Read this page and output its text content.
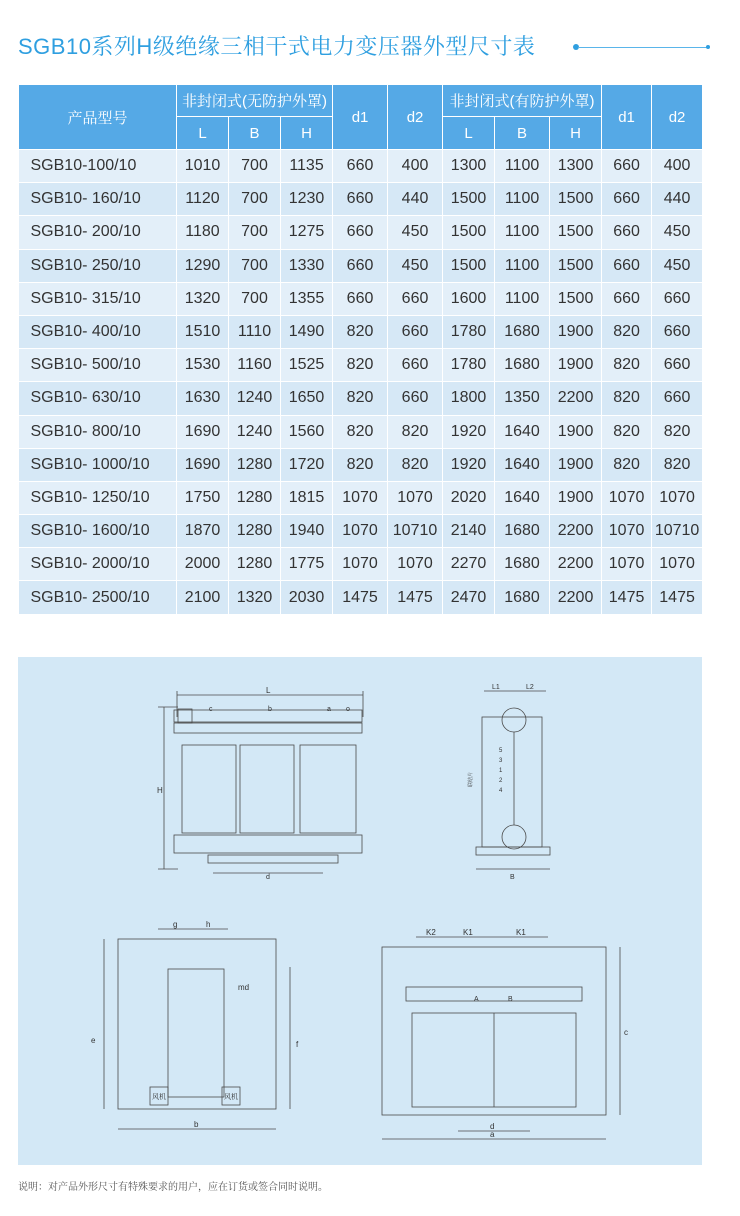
SGB10系列H级绝缘三相干式电力变压器外型尺寸表
产品型号	非封闭式(无防护外罩)			d1	d2	非封闭式(有防护外罩)			d1	d2
	L	B	H			L	B	H		
SGB10-100/10	1010	700	1135	660	400	1300	1100	1300	660	400
SGB10- 160/10	1120	700	1230	660	440	1500	1100	1500	660	440
SGB10- 200/10	1180	700	1275	660	450	1500	1100	1500	660	450
SGB10- 250/10	1290	700	1330	660	450	1500	1100	1500	660	450
SGB10- 315/10	1320	700	1355	660	660	1600	1100	1500	660	660
SGB10- 400/10	1510	1110	1490	820	660	1780	1680	1900	820	660
SGB10- 500/10	1530	1160	1525	820	660	1780	1680	1900	820	660
SGB10- 630/10	1630	1240	1650	820	660	1800	1350	2200	820	660
SGB10- 800/10	1690	1240	1560	820	820	1920	1640	1900	820	820
SGB10- 1000/10	1690	1280	1720	820	820	1920	1640	1900	820	820
SGB10- 1250/10	1750	1280	1815	1070	1070	2020	1640	1900	1070	1070
SGB10- 1600/10	1870	1280	1940	1070	10710	2140	1680	2200	1070	10710
SGB10- 2000/10	2000	1280	1775	1070	1070	2270	1680	2200	1070	1070
SGB10- 2500/10	2100	1320	2030	1475	1475	2470	1680	2200	1475	1475
L
H
c	b	a o
d
L1	L2
5
3
1
2
4
联结片
B
g	h
md
e	f
风机	风机
b
K2	K1	K1
A	B
c
d
a
说明：对产品外形尺寸有特殊要求的用户，应在订货或签合同时说明。
